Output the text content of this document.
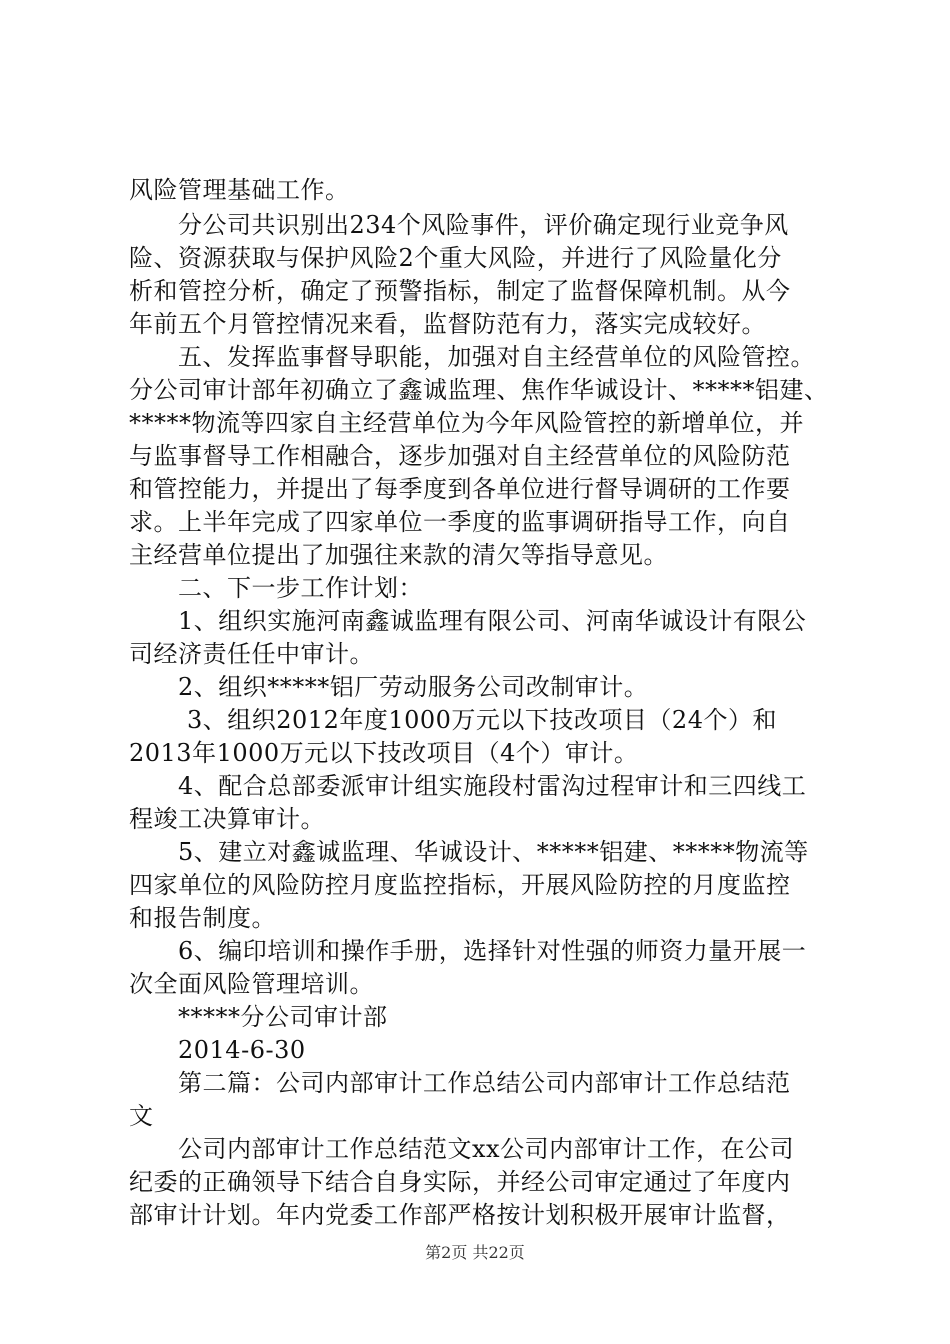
风险管理基础工作。
分公司共识别出234个风险事件，评价确定现行业竞争风
险、资源获取与保护风险2个重大风险，并进行了风险量化分
析和管控分析，确定了预警指标，制定了监督保障机制。从今
年前五个月管控情况来看，监督防范有力，落实完成较好。
五、发挥监事督导职能，加强对自主经营单位的风险管控。
分公司审计部年初确立了鑫诚监理、焦作华诚设计、*****铝建、
*****物流等四家自主经营单位为今年风险管控的新增单位，并
与监事督导工作相融合，逐步加强对自主经营单位的风险防范
和管控能力，并提出了每季度到各单位进行督导调研的工作要
求。上半年完成了四家单位一季度的监事调研指导工作，向自
主经营单位提出了加强往来款的清欠等指导意见。
二、下一步工作计划：
1、组织实施河南鑫诚监理有限公司、河南华诚设计有限公
司经济责任任中审计。
2、组织*****铝厂劳动服务公司改制审计。
3、组织2012年度1000万元以下技改项目（24个）和
2013年1000万元以下技改项目（4个）审计。
4、配合总部委派审计组实施段村雷沟过程审计和三四线工
程竣工决算审计。
5、建立对鑫诚监理、华诚设计、*****铝建、*****物流等
四家单位的风险防控月度监控指标，开展风险防控的月度监控
和报告制度。
6、编印培训和操作手册，选择针对性强的师资力量开展一
次全面风险管理培训。
*****分公司审计部
2014-6-30
第二篇：公司内部审计工作总结公司内部审计工作总结范
文
公司内部审计工作总结范文xx公司内部审计工作，在公司
纪委的正确领导下结合自身实际，并经公司审定通过了年度内
部审计计划。年内党委工作部严格按计划积极开展审计监督，
第2页 共22页
